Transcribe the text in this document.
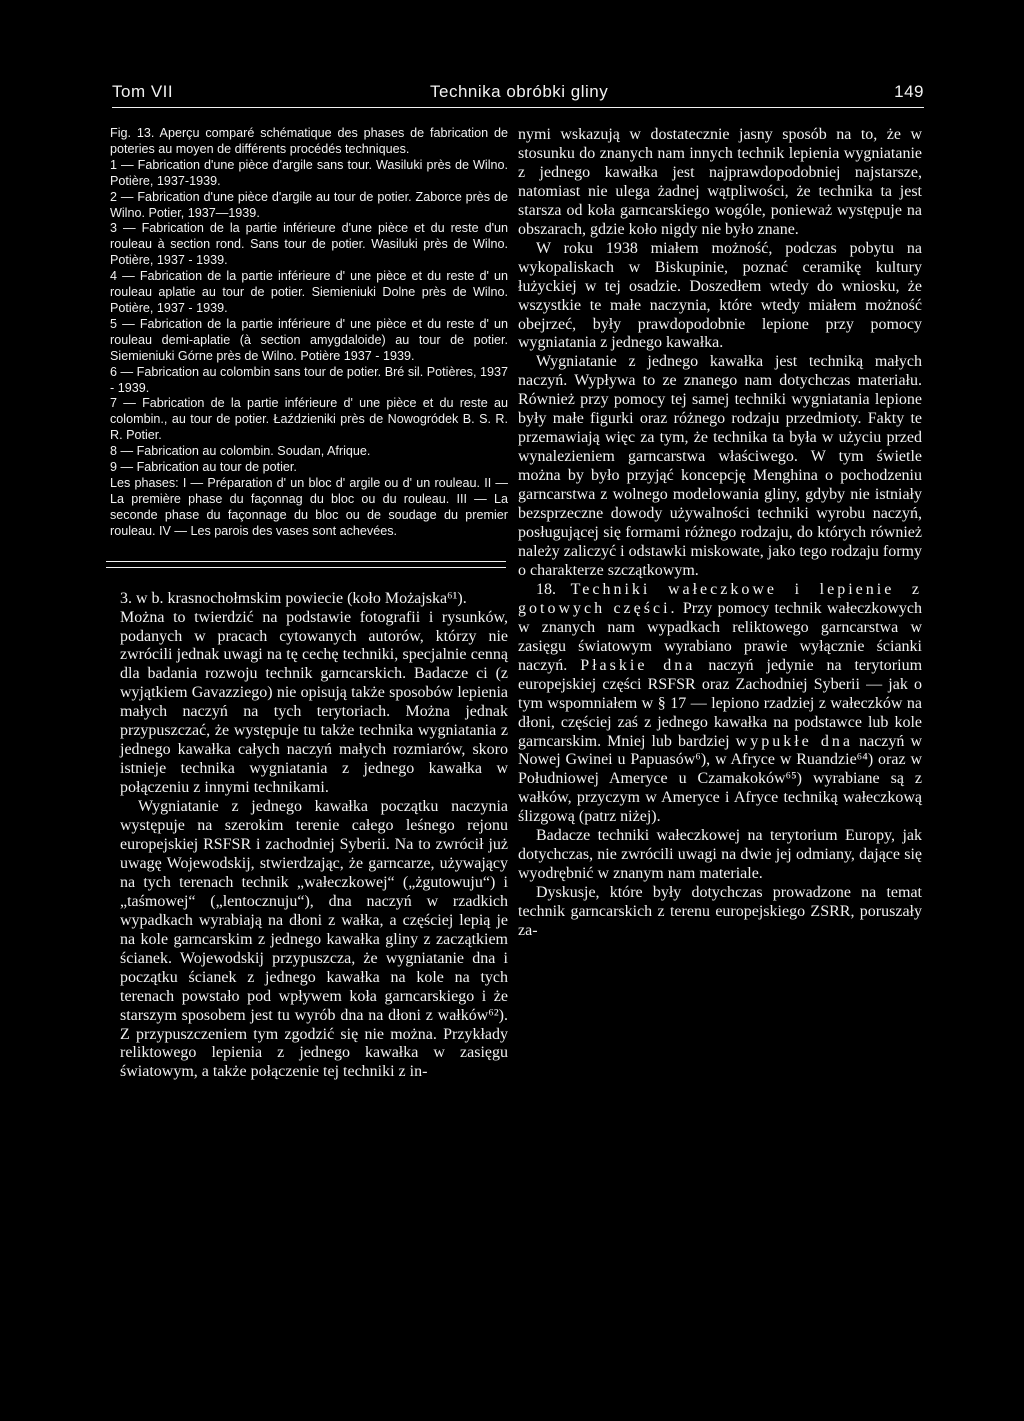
Tom VII	Technika obróbki gliny	149

Fig. 13. Aperçu comparé schématique des phases de fabrication de poteries au moyen de différents procédés techniques.

1 — Fabrication d'une pièce d'argile sans tour. Wasiluki près de Wilno. Potière, 1937-1939.

2 — Fabrication d'une pièce d'argile au tour de potier. Zaborce près de Wilno. Potier, 1937—1939.

3 — Fabrication de la partie inférieure d'une pièce et du reste d'un rouleau à section rond. Sans tour de potier. Wasiluki près de Wilno. Potière, 1937 - 1939.

4 — Fabrication de la partie inférieure d' une pièce et du reste d' un rouleau aplatie au tour de potier. Siemieniuki Dolne près de Wilno. Potière, 1937 - 1939.

5 — Fabrication de la partie inférieure d' une pièce et du reste d' un rouleau demi-aplatie (à section amygdaloide) au tour de potier. Siemieniuki Górne près de Wilno. Potière 1937 - 1939.

6 — Fabrication au colombin sans tour de potier. Bré sil. Potières, 1937 - 1939.

7 — Fabrication de la partie inférieure d' une pièce et du reste au colombin., au tour de potier. Łaździeniki près de Nowogródek B. S. R. R. Potier.

8 — Fabrication au colombin. Soudan, Afrique.

9 — Fabrication au tour de potier.

Les phases: I — Préparation d' un bloc d' argile ou d' un rouleau. II — La première phase du façonnag du bloc ou du rouleau. III — La seconde phase du façonnage du bloc ou de soudage du premier rouleau. IV — Les parois des vases sont achevées.

3. w b. krasnochołmskim powiecie (koło Możajska⁶¹).

Można to twierdzić na podstawie fotografii i rysunków, podanych w pracach cytowanych autorów, którzy nie zwrócili jednak uwagi na tę cechę techniki, specjalnie cenną dla badania rozwoju technik garncarskich. Badacze ci (z wyjątkiem Gavazziego) nie opisują także sposobów lepienia małych naczyń na tych terytoriach. Można jednak przypuszczać, że występuje tu także technika wygniatania z jednego kawałka całych naczyń małych rozmiarów, skoro istnieje technika wygniatania z jednego kawałka w połączeniu z innymi technikami.

Wygniatanie z jednego kawałka początku naczynia występuje na szerokim terenie całego leśnego rejonu europejskiej RSFSR i zachodniej Syberii. Na to zwrócił już uwagę Wojewodskij, stwierdzając, że garncarze, używający na tych terenach technik „wałeczkowej“ („żgutowuju“) i „taśmowej“ („lentocznuju“), dna naczyń w rzadkich wypadkach wyrabiają na dłoni z wałka, a częściej lepią je na kole garncarskim z jednego kawałka gliny z zaczątkiem ścianek. Wojewodskij przypuszcza, że wygniatanie dna i początku ścianek z jednego kawałka na kole na tych terenach powstało pod wpływem koła garncarskiego i że starszym sposobem jest tu wyrób dna na dłoni z wałków⁶²). Z przypuszczeniem tym zgodzić się nie można. Przykłady reliktowego lepienia z jednego kawałka w zasięgu światowym, a także połączenie tej techniki z in-

nymi wskazują w dostatecznie jasny sposób na to, że w stosunku do znanych nam innych technik lepienia wygniatanie z jednego kawałka jest najprawdopodobniej najstarsze, natomiast nie ulega żadnej wątpliwości, że technika ta jest starsza od koła garncarskiego wogóle, ponieważ występuje na obszarach, gdzie koło nigdy nie było znane.

W roku 1938 miałem możność, podczas pobytu na wykopaliskach w Biskupinie, poznać ceramikę kultury łużyckiej w tej osadzie. Doszedłem wtedy do wniosku, że wszystkie te małe naczynia, które wtedy miałem możność obejrzeć, były prawdopodobnie lepione przy pomocy wygniatania z jednego kawałka.

Wygniatanie z jednego kawałka jest techniką małych naczyń. Wypływa to ze znanego nam dotychczas materiału. Również przy pomocy tej samej techniki wygniatania lepione były małe figurki oraz różnego rodzaju przedmioty. Fakty te przemawiają więc za tym, że technika ta była w użyciu przed wynalezieniem garncarstwa właściwego. W tym świetle można by było przyjąć koncepcję Menghina o pochodzeniu garncarstwa z wolnego modelowania gliny, gdyby nie istniały bezsprzeczne dowody używalności techniki wyrobu naczyń, posługującej się formami różnego rodzaju, do których również należy zaliczyć i odstawki miskowate, jako tego rodzaju formy o charakterze szczątkowym.

18. Techniki wałeczkowe i lepienie z gotowych części. Przy pomocy technik wałeczkowych w znanych nam wypadkach reliktowego garncarstwa w zasięgu światowym wyrabiano prawie wyłącznie ścianki naczyń. Płaskie dna naczyń jedynie na terytorium europejskiej części RSFSR oraz Zachodniej Syberii — jak o tym wspomniałem w § 17 — lepiono rzadziej z wałeczków na dłoni, częściej zaś z jednego kawałka na podstawce lub kole garncarskim. Mniej lub bardziej wypukłe dna naczyń w Nowej Gwinei u Papuasów⁶), w Afryce w Ruandzie⁶⁴) oraz w Południowej Ameryce u Czamakoków⁶⁵) wyrabiane są z wałków, przyczym w Ameryce i Afryce techniką wałeczkową ślizgową (patrz niżej).

Badacze techniki wałeczkowej na terytorium Europy, jak dotychczas, nie zwrócili uwagi na dwie jej odmiany, dające się wyodrębnić w znanym nam materiale.

Dyskusje, które były dotychczas prowadzone na temat technik garncarskich z terenu europejskiego ZSRR, poruszały za-
